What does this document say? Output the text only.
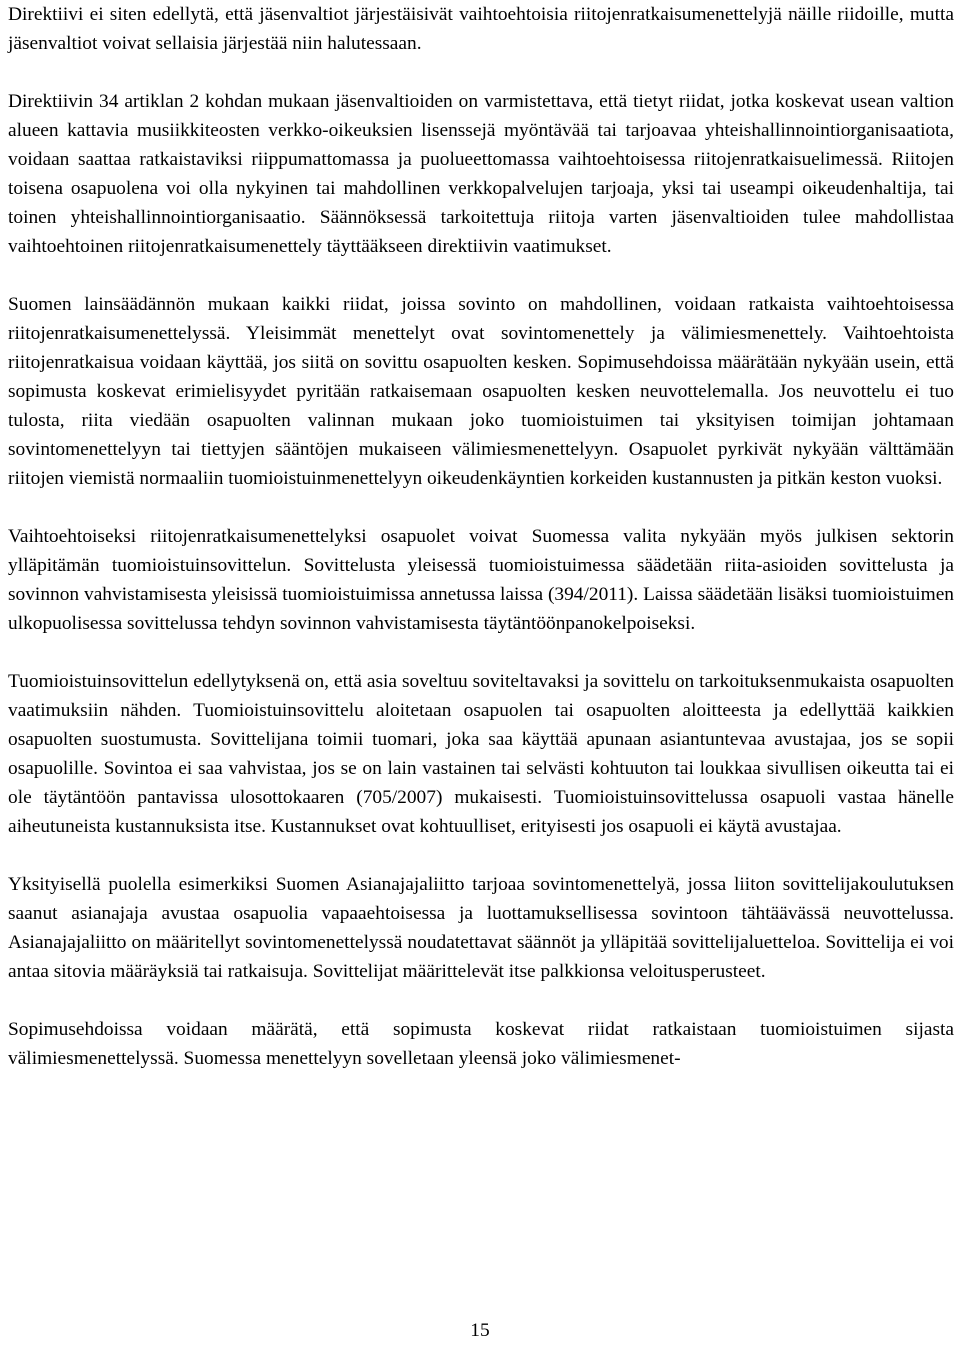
Direktiivi ei siten edellytä, että jäsenvaltiot järjestäisivät vaihtoehtoisia riitojenratkaisumenettelyjä näille riidoille, mutta jäsenvaltiot voivat sellaisia järjestää niin halutessaan.

Direktiivin 34 artiklan 2 kohdan mukaan jäsenvaltioiden on varmistettava, että tietyt riidat, jotka koskevat usean valtion alueen kattavia musiikkiteosten verkko-oikeuksien lisenssejä myöntävää tai tarjoavaa yhteishallinnointiorganisaatiota, voidaan saattaa ratkaistaviksi riippumattomassa ja puolueettomassa vaihtoehtoisessa riitojenratkaisuelimessä. Riitojen toisena osapuolena voi olla nykyinen tai mahdollinen verkkopalvelujen tarjoaja, yksi tai useampi oikeudenhaltija, tai toinen yhteishallinnointiorganisaatio. Säännöksessä tarkoitettuja riitoja varten jäsenvaltioiden tulee mahdollistaa vaihtoehtoinen riitojenratkaisumenettely täyttääkseen direktiivin vaatimukset.

Suomen lainsäädännön mukaan kaikki riidat, joissa sovinto on mahdollinen, voidaan ratkaista vaihtoehtoisessa riitojenratkaisumenettelyssä. Yleisimmät menettelyt ovat sovintomenettely ja välimiesmenettely. Vaihtoehtoista riitojenratkaisua voidaan käyttää, jos siitä on sovittu osapuolten kesken. Sopimusehdoissa määrätään nykyään usein, että sopimusta koskevat erimielisyydet pyritään ratkaisemaan osapuolten kesken neuvottelemalla. Jos neuvottelu ei tuo tulosta, riita viedään osapuolten valinnan mukaan joko tuomioistuimen tai yksityisen toimijan johtamaan sovintomenettelyyn tai tiettyjen sääntöjen mukaiseen välimiesmenettelyyn. Osapuolet pyrkivät nykyään välttämään riitojen viemistä normaaliin tuomioistuinmenettelyyn oikeudenkäyntien korkeiden kustannusten ja pitkän keston vuoksi.

Vaihtoehtoiseksi riitojenratkaisumenettelyksi osapuolet voivat Suomessa valita nykyään myös julkisen sektorin ylläpitämän tuomioistuinsovittelun. Sovittelusta yleisessä tuomioistuimessa säädetään riita-asioiden sovittelusta ja sovinnon vahvistamisesta yleisissä tuomioistuimissa annetussa laissa (394/2011). Laissa säädetään lisäksi tuomioistuimen ulkopuolisessa sovittelussa tehdyn sovinnon vahvistamisesta täytäntöönpanokelpoiseksi.

Tuomioistuinsovittelun edellytyksenä on, että asia soveltuu soviteltavaksi ja sovittelu on tarkoituksenmukaista osapuolten vaatimuksiin nähden. Tuomioistuinsovittelu aloitetaan osapuolen tai osapuolten aloitteesta ja edellyttää kaikkien osapuolten suostumusta. Sovittelijana toimii tuomari, joka saa käyttää apunaan asiantuntevaa avustajaa, jos se sopii osapuolille. Sovintoa ei saa vahvistaa, jos se on lain vastainen tai selvästi kohtuuton tai loukkaa sivullisen oikeutta tai ei ole täytäntöön pantavissa ulosottokaaren (705/2007) mukaisesti. Tuomioistuinsovittelussa osapuoli vastaa hänelle aiheutuneista kustannuksista itse. Kustannukset ovat kohtuulliset, erityisesti jos osapuoli ei käytä avustajaa.

Yksityisellä puolella esimerkiksi Suomen Asianajajaliitto tarjoaa sovintomenettelyä, jossa liiton sovittelijakoulutuksen saanut asianajaja avustaa osapuolia vapaaehtoisessa ja luottamuksellisessa sovintoon tähtäävässä neuvottelussa. Asianajajaliitto on määritellyt sovintomenettelyssä noudatettavat säännöt ja ylläpitää sovittelijaluetteloa. Sovittelija ei voi antaa sitovia määräyksiä tai ratkaisuja. Sovittelijat määrittelevät itse palkkionsa veloitusperusteet.

Sopimusehdoissa voidaan määrätä, että sopimusta koskevat riidat ratkaistaan tuomioistuimen sijasta välimiesmenettelyssä. Suomessa menettelyyn sovelletaan yleensä joko välimiesmenet-

15
